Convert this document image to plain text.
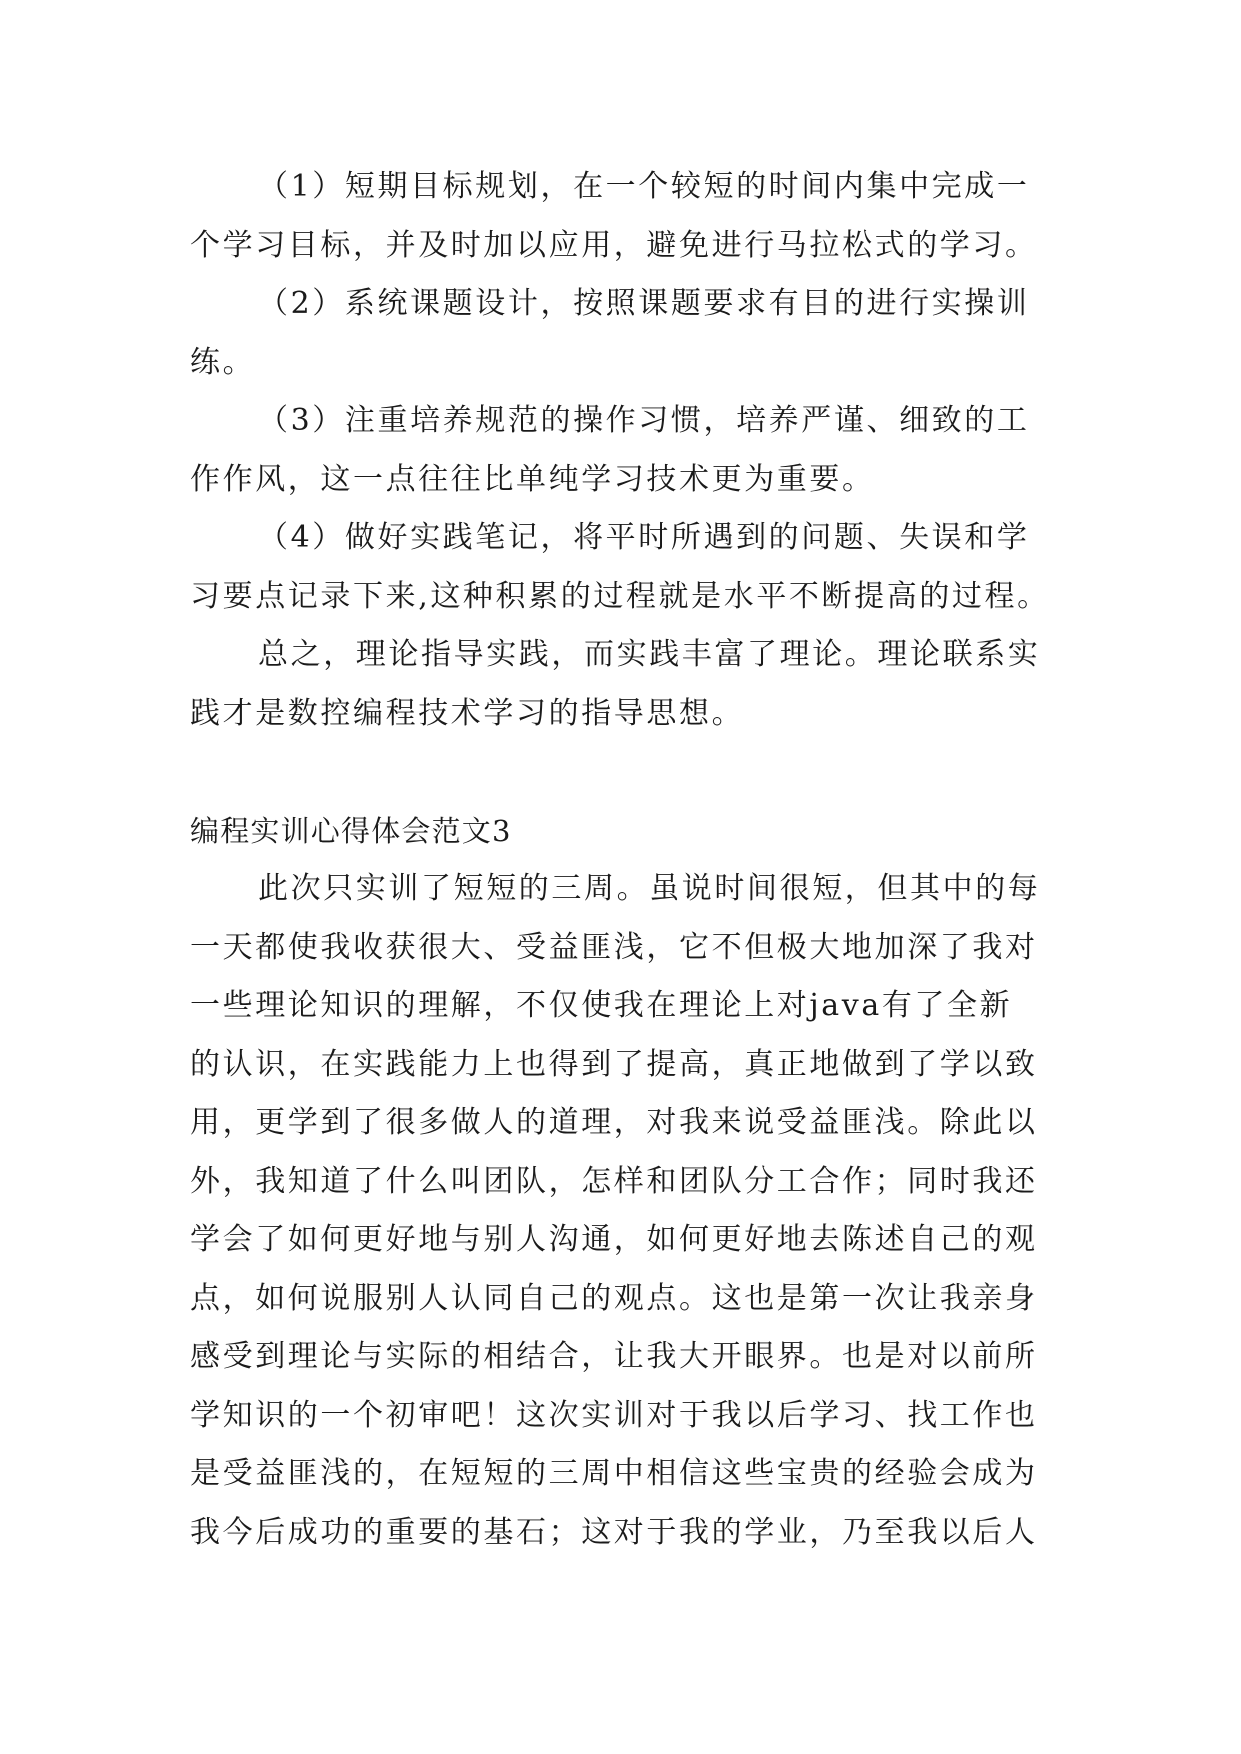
（1）短期目标规划，在一个较短的时间内集中完成一
个学习目标，并及时加以应用，避免进行马拉松式的学习。
（2）系统课题设计，按照课题要求有目的进行实操训
练。
（3）注重培养规范的操作习惯，培养严谨、细致的工
作作风，这一点往往比单纯学习技术更为重要。
（4）做好实践笔记，将平时所遇到的问题、失误和学
习要点记录下来,这种积累的过程就是水平不断提高的过程。
总之，理论指导实践，而实践丰富了理论。理论联系实
践才是数控编程技术学习的指导思想。
编程实训心得体会范文3
此次只实训了短短的三周。虽说时间很短，但其中的每
一天都使我收获很大、受益匪浅，它不但极大地加深了我对
一些理论知识的理解，不仅使我在理论上对java有了全新
的认识，在实践能力上也得到了提高，真正地做到了学以致
用，更学到了很多做人的道理，对我来说受益匪浅。除此以
外，我知道了什么叫团队，怎样和团队分工合作；同时我还
学会了如何更好地与别人沟通，如何更好地去陈述自己的观
点，如何说服别人认同自己的观点。这也是第一次让我亲身
感受到理论与实际的相结合，让我大开眼界。也是对以前所
学知识的一个初审吧！这次实训对于我以后学习、找工作也
是受益匪浅的，在短短的三周中相信这些宝贵的经验会成为
我今后成功的重要的基石；这对于我的学业，乃至我以后人
